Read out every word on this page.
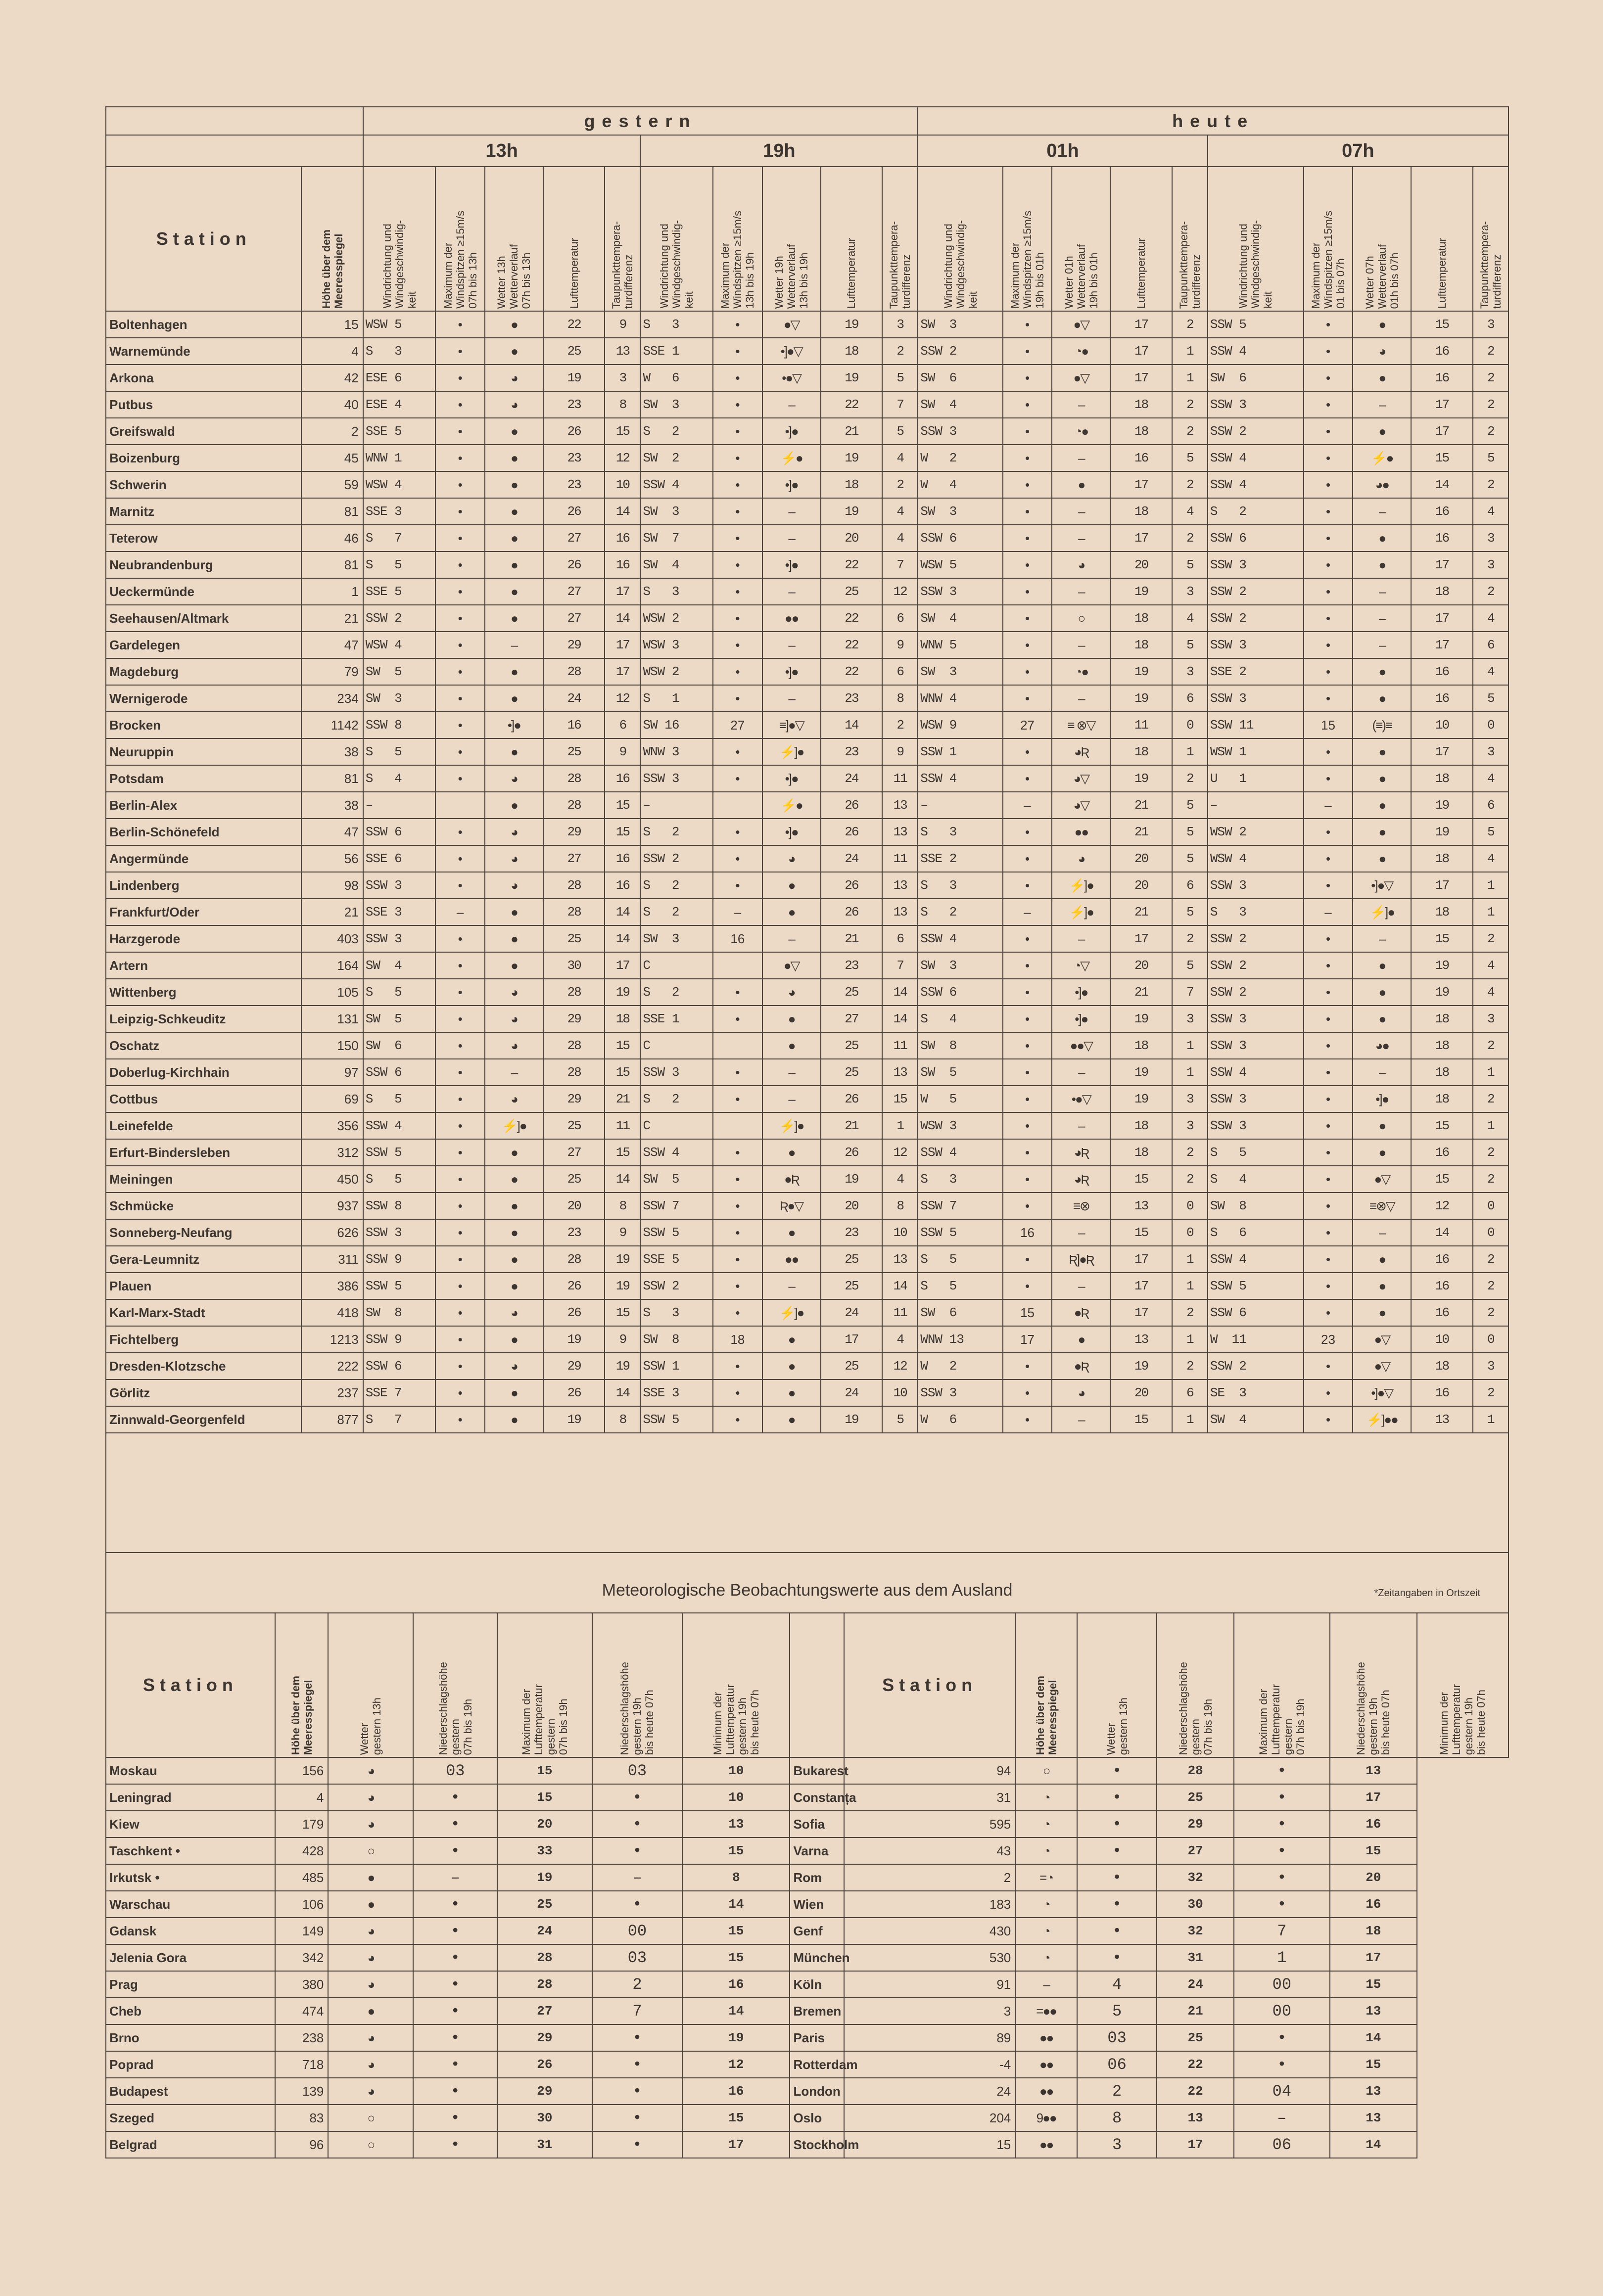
		gestern										heute									
		13h					19h					01h					07h				
Station	Höhe über dem
Meeresspiegel	Windrichtung und
Windgeschwindig-
keit	Maximum der
Windspitzen ≥15m/s
07h bis 13h	Wetter 13h
Wetterverlauf
07h bis 13h	Lufttemperatur	Taupunkttempera-
turdifferenz	Windrichtung und
Windgeschwindig-
keit	Maximum der
Windspitzen ≥15m/s
13h bis 19h	Wetter 19h
Wetterverlauf
13h bis 19h	Lufttemperatur	Taupunkttempera-
turdifferenz	Windrichtung und
Windgeschwindig-
keit	Maximum der
Windspitzen ≥15m/s
19h bis 01h	Wetter 01h
Wetterverlauf
19h bis 01h	Lufttemperatur	Taupunkttempera-
turdifferenz	Windrichtung und
Windgeschwindig-
keit	Maximum der
Windspitzen ≥15m/s
01 bis 07h	Wetter 07h
Wetterverlauf
01h bis 07h	Lufttemperatur	Taupunkttempera-
turdifferenz

Boltenhagen	15	WSW 5	•	●	22	9	S   3	•	●▽	19	3	SW  3	•	●▽	17	2	SSW 5	•	●	15	3
Warnemünde	4	S   3	•	●	25	13	SSE 1	•	•]●▽	18	2	SSW 2	•	◔●	17	1	SSW 4	•	◕	16	2
Arkona	42	ESE 6	•	◕	19	3	W   6	•	•●▽	19	5	SW  6	•	●▽	17	1	SW  6	•	●	16	2
Putbus	40	ESE 4	•	◕	23	8	SW  3	•	–	22	7	SW  4	•	–	18	2	SSW 3	•	–	17	2
Greifswald	2	SSE 5	•	●	26	15	S   2	•	•]●	21	5	SSW 3	•	◔●	18	2	SSW 2	•	●	17	2
Boizenburg	45	WNW 1	•	●	23	12	SW  2	•	⚡●	19	4	W   2	•	–	16	5	SSW 4	•	⚡●	15	5
Schwerin	59	WSW 4	•	●	23	10	SSW 4	•	•]●	18	2	W   4	•	●	17	2	SSW 4	•	◕●	14	2
Marnitz	81	SSE 3	•	●	26	14	SW  3	•	–	19	4	SW  3	•	–	18	4	S   2	•	–	16	4
Teterow	46	S   7	•	●	27	16	SW  7	•	–	20	4	SSW 6	•	–	17	2	SSW 6	•	●	16	3
Neubrandenburg	81	S   5	•	●	26	16	SW  4	•	•]●	22	7	WSW 5	•	◕	20	5	SSW 3	•	●	17	3
Ueckermünde	1	SSE 5	•	●	27	17	S   3	•	–	25	12	SSW 3	•	–	19	3	SSW 2	•	–	18	2
Seehausen/Altmark	21	SSW 2	•	●	27	14	WSW 2	•	●●	22	6	SW  4	•	○	18	4	SSW 2	•	–	17	4
Gardelegen	47	WSW 4	•	–	29	17	WSW 3	•	–	22	9	WNW 5	•	–	18	5	SSW 3	•	–	17	6
Magdeburg	79	SW  5	•	●	28	17	WSW 2	•	•]●	22	6	SW  3	•	◔●	19	3	SSE 2	•	●	16	4
Wernigerode	234	SW  3	•	●	24	12	S   1	•	–	23	8	WNW 4	•	–	19	6	SSW 3	•	●	16	5
Brocken	1142	SSW 8	•	•]●	16	6	SW 16	27	≡]●▽	14	2	WSW 9	27	≡ ⊗▽	11	0	SSW 11	15	(≡)≡	10	0
Neuruppin	38	S   5	•	●	25	9	WNW 3	•	⚡]●	23	9	SSW 1	•	◕Ʀ	18	1	WSW 1	•	●	17	3
Potsdam	81	S   4	•	◕	28	16	SSW 3	•	•]●	24	11	SSW 4	•	◕▽	19	2	U   1	•	●	18	4
Berlin-Alex	38	–		●	28	15	–		⚡●	26	13	–	–	◕▽	21	5	–	–	●	19	6
Berlin-Schönefeld	47	SSW 6	•	◕	29	15	S   2	•	•]●	26	13	S   3	•	●●	21	5	WSW 2	•	●	19	5
Angermünde	56	SSE 6	•	◕	27	16	SSW 2	•	◕	24	11	SSE 2	•	◕	20	5	WSW 4	•	●	18	4
Lindenberg	98	SSW 3	•	◕	28	16	S   2	•	●	26	13	S   3	•	⚡]●	20	6	SSW 3	•	•]●▽	17	1
Frankfurt/Oder	21	SSE 3	–	●	28	14	S   2	–	●	26	13	S   2	–	⚡]●	21	5	S   3	–	⚡]●	18	1
Harzgerode	403	SSW 3	•	●	25	14	SW  3	16	–	21	6	SSW 4	•	–	17	2	SSW 2	•	–	15	2
Artern	164	SW  4	•	●	30	17	C		●▽	23	7	SW  3	•	◔▽	20	5	SSW 2	•	●	19	4
Wittenberg	105	S   5	•	◕	28	19	S   2	•	◕	25	14	SSW 6	•	•]●	21	7	SSW 2	•	●	19	4
Leipzig-Schkeuditz	131	SW  5	•	◕	29	18	SSE 1	•	●	27	14	S   4	•	•]●	19	3	SSW 3	•	●	18	3
Oschatz	150	SW  6	•	◕	28	15	C		●	25	11	SW  8	•	●●▽	18	1	SSW 3	•	◕●	18	2
Doberlug-Kirchhain	97	SSW 6	•	–	28	15	SSW 3	•	–	25	13	SW  5	•	–	19	1	SSW 4	•	–	18	1
Cottbus	69	S   5	•	◕	29	21	S   2	•	–	26	15	W   5	•	•●▽	19	3	SSW 3	•	•]●	18	2
Leinefelde	356	SSW 4	•	⚡]●	25	11	C		⚡]●	21	1	WSW 3	•	–	18	3	SSW 3	•	●	15	1
Erfurt-Bindersleben	312	SSW 5	•	●	27	15	SSW 4	•	●	26	12	SSW 4	•	◕Ʀ	18	2	S   5	•	●	16	2
Meiningen	450	S   5	•	●	25	14	SW  5	•	●Ʀ	19	4	S   3	•	◕Ʀ	15	2	S   4	•	●▽	15	2
Schmücke	937	SSW 8	•	●	20	8	SSW 7	•	Ʀ●▽	20	8	SSW 7	•	≡⊗	13	0	SW  8	•	≡⊗▽	12	0
Sonneberg-Neufang	626	SSW 3	•	●	23	9	SSW 5	•	●	23	10	SSW 5	16	–	15	0	S   6	•	–	14	0
Gera-Leumnitz	311	SSW 9	•	●	28	19	SSE 5	•	●●	25	13	S   5	•	Ʀ]●Ʀ	17	1	SSW 4	•	●	16	2
Plauen	386	SSW 5	•	●	26	19	SSW 2	•	–	25	14	S   5	•	–	17	1	SSW 5	•	●	16	2
Karl-Marx-Stadt	418	SW  8	•	◕	26	15	S   3	•	⚡]●	24	11	SW  6	15	●Ʀ	17	2	SSW 6	•	●	16	2
Fichtelberg	1213	SSW 9	•	●	19	9	SW  8	18	●	17	4	WNW 13	17	●	13	1	W  11	23	●▽	10	0
Dresden-Klotzsche	222	SSW 6	•	◕	29	19	SSW 1	•	●	25	12	W   2	•	●Ʀ	19	2	SSW 2	•	●▽	18	3
Görlitz	237	SSE 7	•	●	26	14	SSE 3	•	●	24	10	SSW 3	•	◕	20	6	SE  3	•	•]●▽	16	2
Zinnwald-Georgenfeld	877	S   7	•	●	19	8	SSW 5	•	●	19	5	W   6	•	–	15	1	SW  4	•	⚡]●●	13	1

Meteorologische Beobachtungswerte aus dem Ausland *Zeitangaben in Ortszeit														

Station	Höhe über dem
Meeresspiegel	Wetter
gestern 13h	Niederschlagshöhe
gestern
07h bis 19h	Maximum der
Lufttemperatur
gestern
07h bis 19h	Niederschlagshöhe
gestern 19h
bis heute 07h	Minimum der
Lufttemperatur
gestern 19h
bis heute 07h		Station	Höhe über dem
Meeresspiegel	Wetter
gestern 13h	Niederschlagshöhe
gestern
07h bis 19h	Maximum der
Lufttemperatur
gestern
07h bis 19h	Niederschlagshöhe
gestern 19h
bis heute 07h	Minimum der
Lufttemperatur
gestern 19h
bis heute 07h

Moskau	156	◕	03	15	03	10	Bukarest	94	○	•	28	•	13	
Leningrad	4	◕	•	15	•	10	Constanța	31	◔	•	25	•	17	
Kiew	179	◕	•	20	•	13	Sofia	595	◔	•	29	•	16	
Taschkent •	428	○	•	33	•	15	Varna	43	◔	•	27	•	15	
Irkutsk •	485	●	–	19	–	8	Rom	2	=◔	•	32	•	20	
Warschau	106	●	•	25	•	14	Wien	183	◔	•	30	•	16	
Gdansk	149	◕	•	24	00	15	Genf	430	◔	•	32	7	18	
Jelenia Gora	342	◕	•	28	03	15	München	530	◔	•	31	1	17	
Prag	380	◕	•	28	2	16	Köln	91	–	4	24	00	15	
Cheb	474	●	•	27	7	14	Bremen	3	=●●	5	21	00	13	
Brno	238	◕	•	29	•	19	Paris	89	●●	03	25	•	14	
Poprad	718	◕	•	26	•	12	Rotterdam	-4	●●	06	22	•	15	
Budapest	139	◕	•	29	•	16	London	24	●●	2	22	04	13	
Szeged	83	○	•	30	•	15	Oslo	204	9●●	8	13	–	13	
Belgrad	96	○	•	31	•	17	Stockholm	15	●●	3	17	06	14	
